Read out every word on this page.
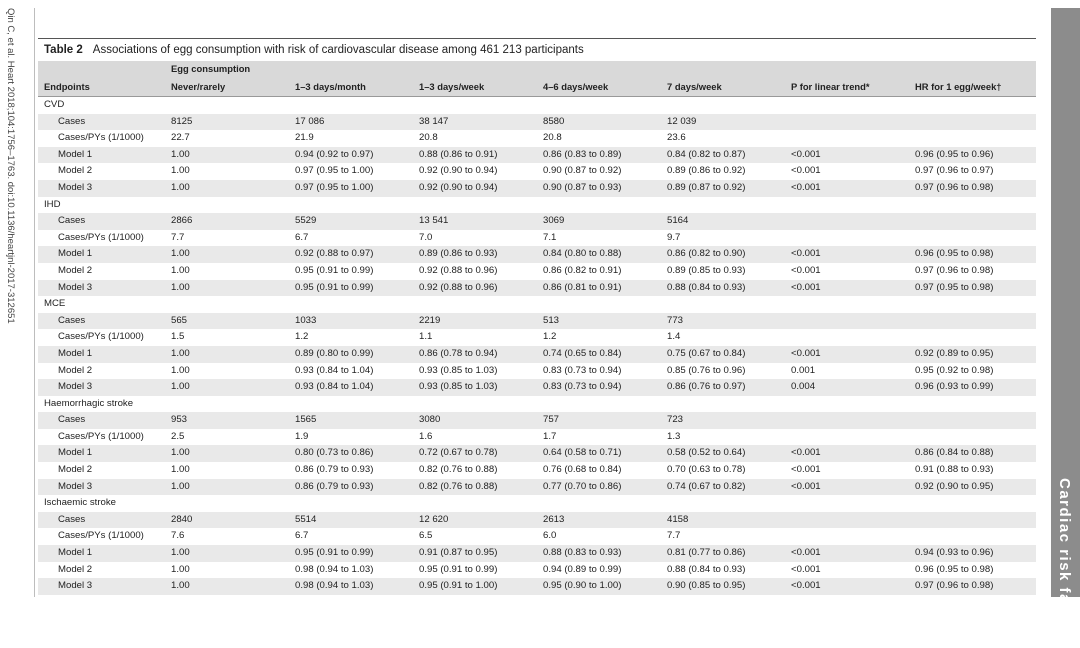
Qin C, et al. Heart 2018;104:1756–1763. doi:10.1136/heartjnl-2017-312651
Cardiac risk factors
Table 2 Associations of egg consumption with risk of cardiovascular disease among 461 213 participants
	Egg consumption						
Endpoints	Never/rarely	1–3 days/month	1–3 days/week	4–6 days/week	7 days/week	P for linear trend*	HR for 1 egg/week†
CVD							
Cases	8125	17 086	38 147	8580	12 039		
Cases/PYs (1/1000)	22.7	21.9	20.8	20.8	23.6		
Model 1	1.00	0.94 (0.92 to 0.97)	0.88 (0.86 to 0.91)	0.86 (0.83 to 0.89)	0.84 (0.82 to 0.87)	<0.001	0.96 (0.95 to 0.96)
Model 2	1.00	0.97 (0.95 to 1.00)	0.92 (0.90 to 0.94)	0.90 (0.87 to 0.92)	0.89 (0.86 to 0.92)	<0.001	0.97 (0.96 to 0.97)
Model 3	1.00	0.97 (0.95 to 1.00)	0.92 (0.90 to 0.94)	0.90 (0.87 to 0.93)	0.89 (0.87 to 0.92)	<0.001	0.97 (0.96 to 0.98)
IHD							
Cases	2866	5529	13 541	3069	5164		
Cases/PYs (1/1000)	7.7	6.7	7.0	7.1	9.7		
Model 1	1.00	0.92 (0.88 to 0.97)	0.89 (0.86 to 0.93)	0.84 (0.80 to 0.88)	0.86 (0.82 to 0.90)	<0.001	0.96 (0.95 to 0.98)
Model 2	1.00	0.95 (0.91 to 0.99)	0.92 (0.88 to 0.96)	0.86 (0.82 to 0.91)	0.89 (0.85 to 0.93)	<0.001	0.97 (0.96 to 0.98)
Model 3	1.00	0.95 (0.91 to 0.99)	0.92 (0.88 to 0.96)	0.86 (0.81 to 0.91)	0.88 (0.84 to 0.93)	<0.001	0.97 (0.95 to 0.98)
MCE							
Cases	565	1033	2219	513	773		
Cases/PYs (1/1000)	1.5	1.2	1.1	1.2	1.4		
Model 1	1.00	0.89 (0.80 to 0.99)	0.86 (0.78 to 0.94)	0.74 (0.65 to 0.84)	0.75 (0.67 to 0.84)	<0.001	0.92 (0.89 to 0.95)
Model 2	1.00	0.93 (0.84 to 1.04)	0.93 (0.85 to 1.03)	0.83 (0.73 to 0.94)	0.85 (0.76 to 0.96)	0.001	0.95 (0.92 to 0.98)
Model 3	1.00	0.93 (0.84 to 1.04)	0.93 (0.85 to 1.03)	0.83 (0.73 to 0.94)	0.86 (0.76 to 0.97)	0.004	0.96 (0.93 to 0.99)
Haemorrhagic stroke							
Cases	953	1565	3080	757	723		
Cases/PYs (1/1000)	2.5	1.9	1.6	1.7	1.3		
Model 1	1.00	0.80 (0.73 to 0.86)	0.72 (0.67 to 0.78)	0.64 (0.58 to 0.71)	0.58 (0.52 to 0.64)	<0.001	0.86 (0.84 to 0.88)
Model 2	1.00	0.86 (0.79 to 0.93)	0.82 (0.76 to 0.88)	0.76 (0.68 to 0.84)	0.70 (0.63 to 0.78)	<0.001	0.91 (0.88 to 0.93)
Model 3	1.00	0.86 (0.79 to 0.93)	0.82 (0.76 to 0.88)	0.77 (0.70 to 0.86)	0.74 (0.67 to 0.82)	<0.001	0.92 (0.90 to 0.95)
Ischaemic stroke							
Cases	2840	5514	12 620	2613	4158		
Cases/PYs (1/1000)	7.6	6.7	6.5	6.0	7.7		
Model 1	1.00	0.95 (0.91 to 0.99)	0.91 (0.87 to 0.95)	0.88 (0.83 to 0.93)	0.81 (0.77 to 0.86)	<0.001	0.94 (0.93 to 0.96)
Model 2	1.00	0.98 (0.94 to 1.03)	0.95 (0.91 to 0.99)	0.94 (0.89 to 0.99)	0.88 (0.84 to 0.93)	<0.001	0.96 (0.95 to 0.98)
Model 3	1.00	0.98 (0.94 to 1.03)	0.95 (0.91 to 1.00)	0.95 (0.90 to 1.00)	0.90 (0.85 to 0.95)	<0.001	0.97 (0.96 to 0.98)
